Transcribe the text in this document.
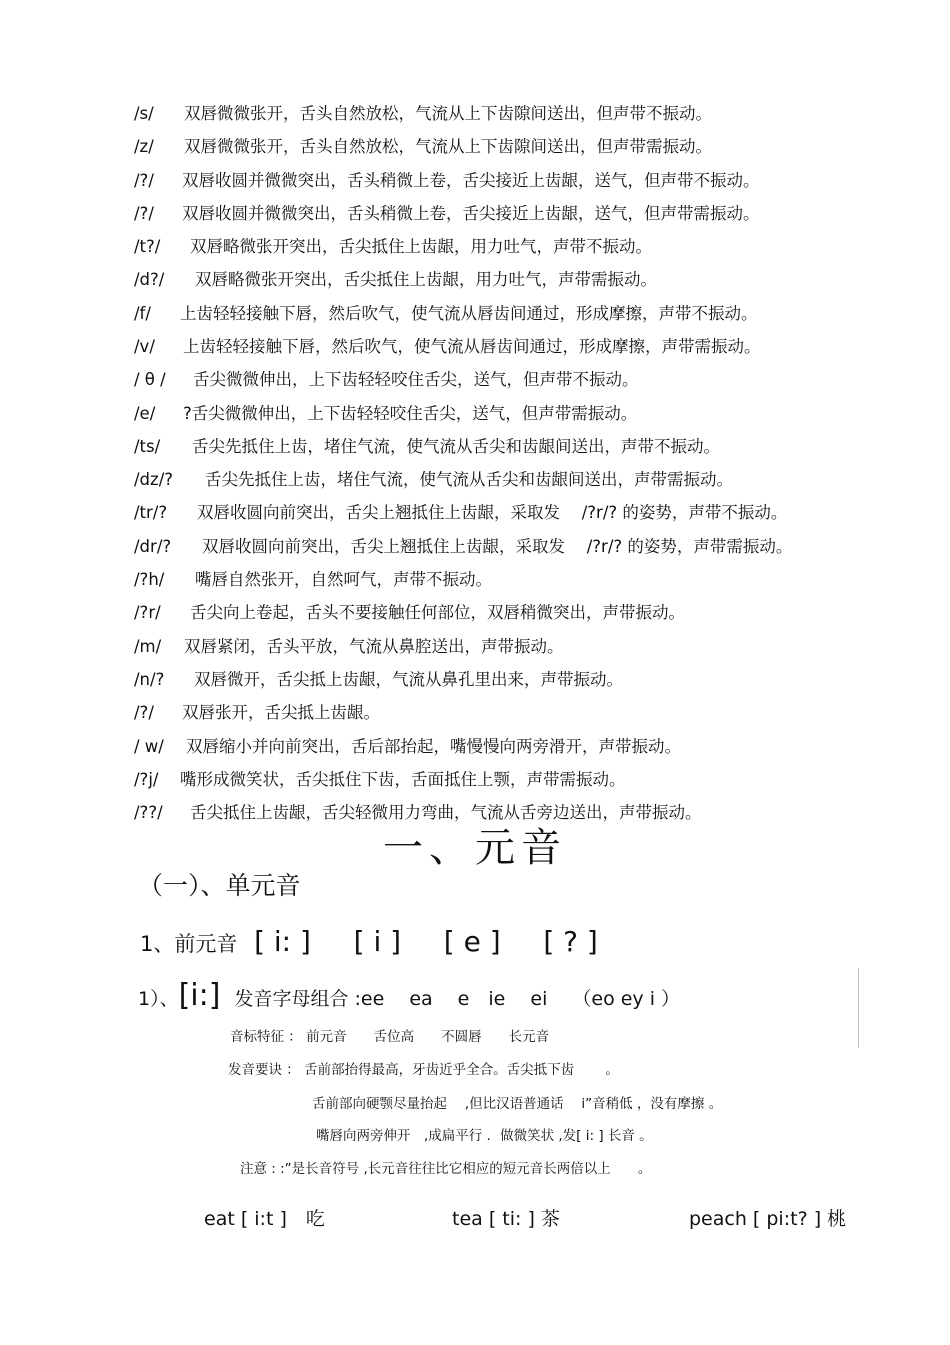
/s/ 双唇微微张开，舌头自然放松，气流从上下齿隙间送出，但声带不振动。
/z/ 双唇微微张开，舌头自然放松，气流从上下齿隙间送出，但声带需振动。
/?/ 双唇收圆并微微突出，舌头稍微上卷，舌尖接近上齿龈，送气，但声带不振动。
/?/ 双唇收圆并微微突出，舌头稍微上卷，舌尖接近上齿龈，送气，但声带需振动。
/t?/ 双唇略微张开突出，舌尖抵住上齿龈，用力吐气，声带不振动。
/d?/ 双唇略微张开突出，舌尖抵住上齿龈，用力吐气，声带需振动。
/f/ 上齿轻轻接触下唇，然后吹气，使气流从唇齿间通过，形成摩擦，声带不振动。
/v/ 上齿轻轻接触下唇，然后吹气，使气流从唇齿间通过，形成摩擦，声带需振动。
/ θ / 舌尖微微伸出，上下齿轻轻咬住舌尖，送气，但声带不振动。
/e/ ?舌尖微微伸出，上下齿轻轻咬住舌尖，送气，但声带需振动。
/ts/ 舌尖先抵住上齿，堵住气流，使气流从舌尖和齿龈间送出，声带不振动。
/dz/? 舌尖先抵住上齿，堵住气流，使气流从舌尖和齿龈间送出，声带需振动。
/tr/? 双唇收圆向前突出，舌尖上翘抵住上齿龈，采取发　 /?r/? 的姿势，声带不振动。
/dr/? 双唇收圆向前突出，舌尖上翘抵住上齿龈，采取发　 /?r/? 的姿势，声带需振动。
/?h/ 嘴唇自然张开，自然呵气，声带不振动。
/?r/ 舌尖向上卷起，舌头不要接触任何部位，双唇稍微突出，声带振动。
/m/ 双唇紧闭，舌头平放，气流从鼻腔送出，声带振动。
/n/? 双唇微开，舌尖抵上齿龈，气流从鼻孔里出来，声带振动。
/?/ 双唇张开，舌尖抵上齿龈。
/ w/ 双唇缩小并向前突出，舌后部抬起，嘴慢慢向两旁滑开，声带振动。
/?j/ 嘴形成微笑状，舌尖抵住下齿，舌面抵住上颚，声带需振动。
/??/ 舌尖抵住上齿龈，舌尖轻微用力弯曲，气流从舌旁边送出，声带振动。
一、元音
（一）、单元音
1、前元音 [ i: ] [ i ] [ e ] [ ? ]
1）、[i:] 发音字母组合 :ee　 ea　 e　ie　 ei　 （eo ey i ）
音标特征 ： 前元音　　舌位高　　不圆唇　　长元音
发音要诀 ： 舌前部抬得最高，牙齿近乎全合。舌尖抵下齿　　 。
舌前部向硬颚尽量抬起　 ,但比汉语普通话　 i”音稍低 ，没有摩擦 。
嘴唇向两旁伸开　,成扁平行 ．做微笑状 ,发[ i: ] 长音 。
注意 : :”是长音符号 ,长元音往往比它相应的短元音长两倍以上　　。
eat [ i:t ]　吃	tea [ ti: ] 茶	peach [ pi:t? ] 桃
